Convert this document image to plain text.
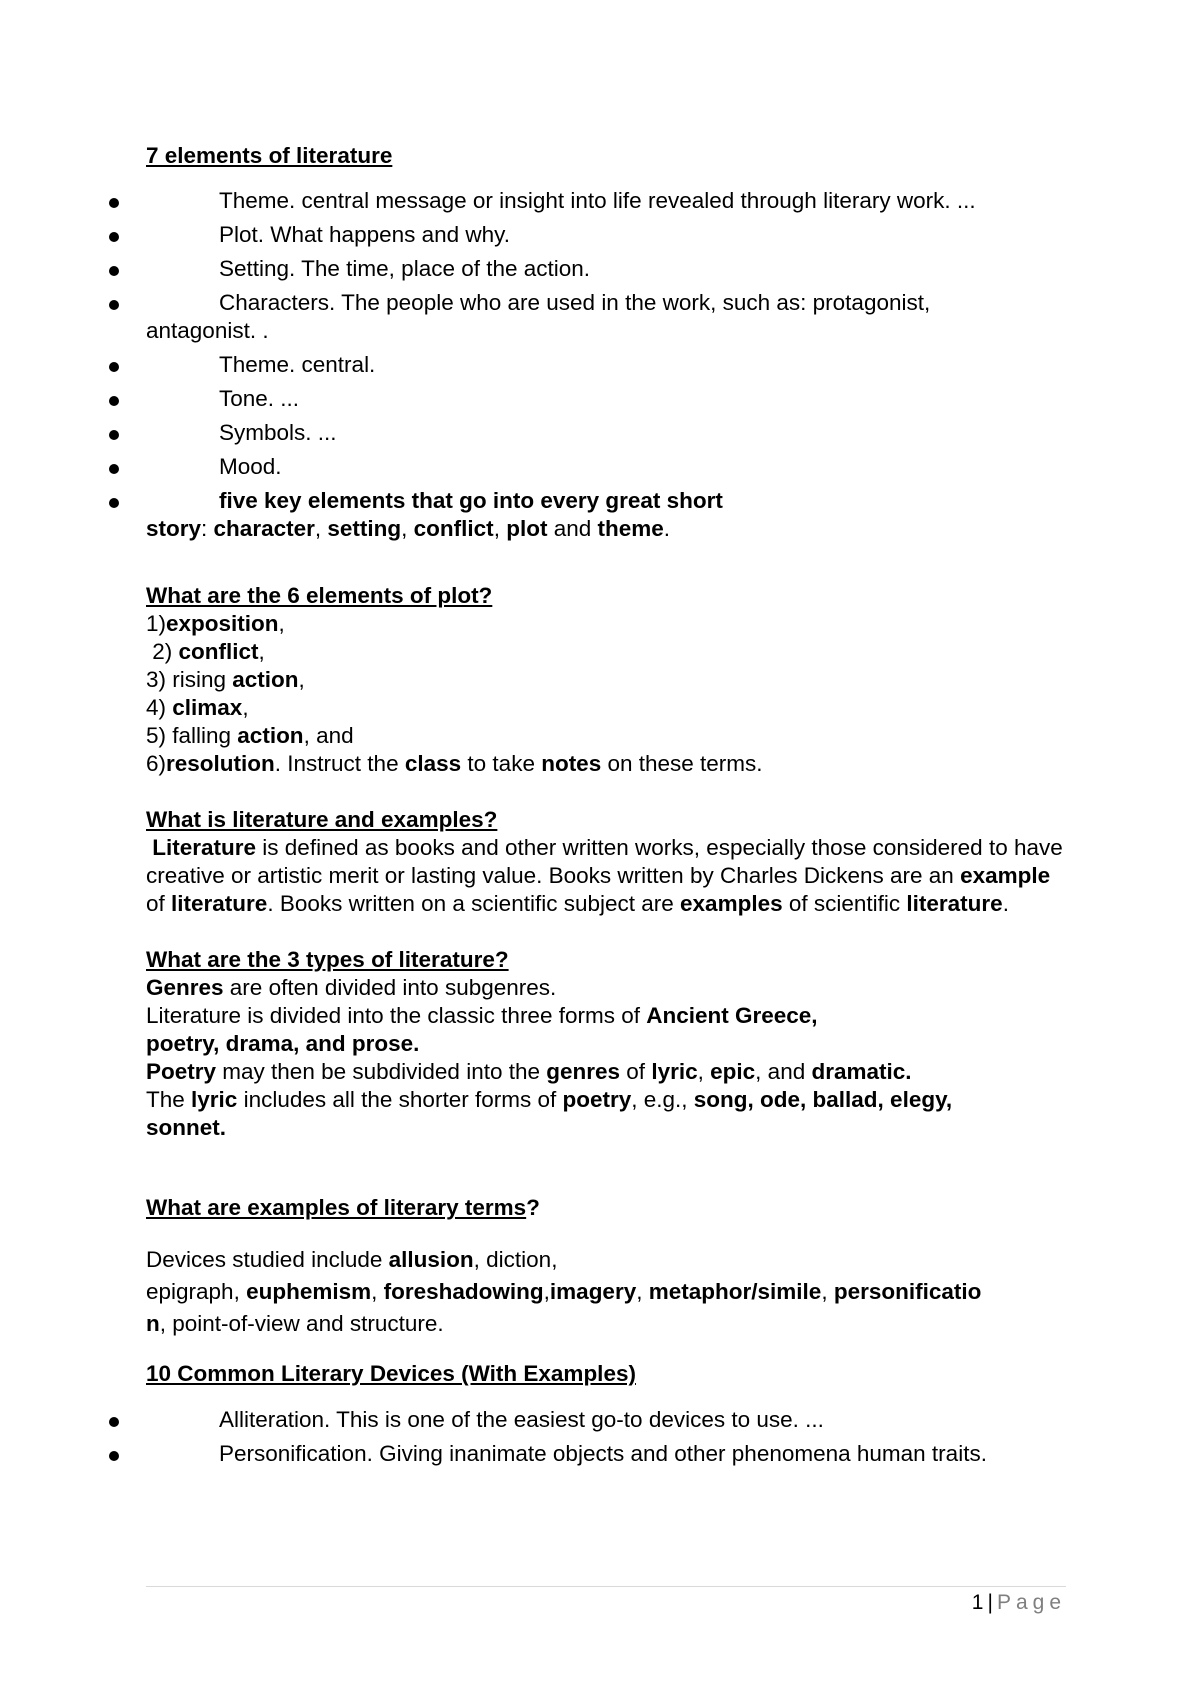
7 elements of literature

Theme. central message or insight into life revealed through literary work. ...
Plot. What happens and why.
Setting. The time, place of the action.
Characters. The people who are used in the work, such as: protagonist,
antagonist. .
Theme. central.
Tone. ...
Symbols. ...
Mood.
five key elements that go into every great short
story: character, setting, conflict, plot and theme.

What are the 6 elements of plot?

1)exposition,

2) conflict,

3) rising action,

4) climax,

5) falling action, and

6)resolution. Instruct the class to take notes on these terms.

What is literature and examples?

Literature is defined as books and other written works, especially those considered to have creative or artistic merit or lasting value. Books written by Charles Dickens are an example of literature. Books written on a scientific subject are examples of scientific literature.

What are the 3 types of literature?

Genres are often divided into subgenres.

Literature is divided into the classic three forms of Ancient Greece,

poetry, drama, and prose.

Poetry may then be subdivided into the genres of lyric, epic, and dramatic.

The lyric includes all the shorter forms of poetry, e.g., song, ode, ballad, elegy,

sonnet.

What are examples of literary terms?

Devices studied include allusion, diction,

epigraph, euphemism, foreshadowing,imagery, metaphor/simile, personificatio

n, point-of-view and structure.

10 Common Literary Devices (With Examples)

Alliteration. This is one of the easiest go-to devices to use. ...
Personification. Giving inanimate objects and other phenomena human traits.
1 | Page
